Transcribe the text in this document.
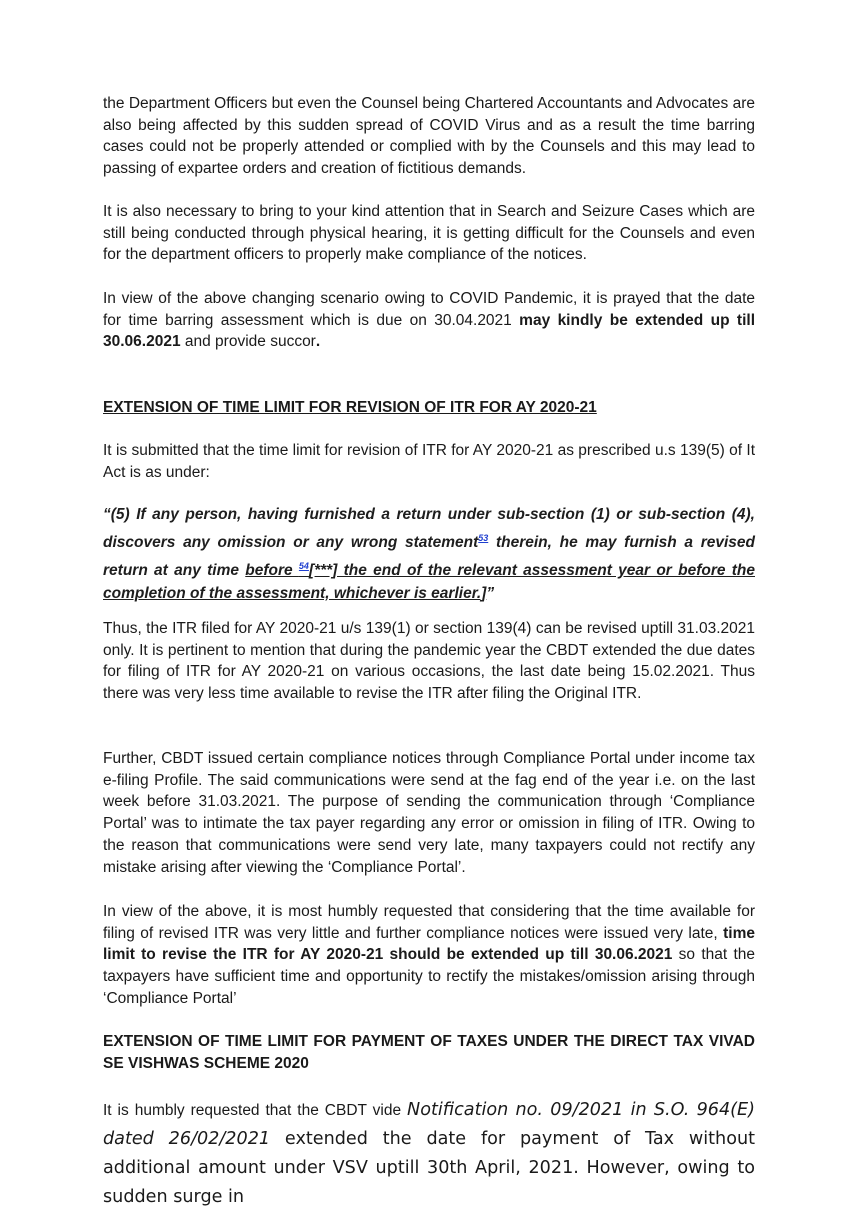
the Department Officers but even the Counsel being Chartered Accountants and Advocates are also being affected by this sudden spread of COVID Virus and as a result the time barring cases could not be properly attended or complied with by the Counsels and this may lead to passing of expartee orders and creation of fictitious demands.

It is also necessary to bring to your kind attention that in Search and Seizure Cases which are still being conducted through physical hearing, it is getting difficult for the Counsels and even for the department officers to properly make compliance of the notices.

In view of the above changing scenario owing to COVID Pandemic, it is prayed that the date for time barring assessment which is due on 30.04.2021 may kindly be extended up till 30.06.2021 and provide succor.

EXTENSION OF TIME LIMIT FOR REVISION OF ITR FOR AY 2020-21

It is submitted that the time limit for revision of ITR for AY 2020-21 as prescribed u.s 139(5) of It Act is as under:

“(5) If any person, having furnished a return under sub-section (1) or sub-section (4), discovers any omission or any wrong statement$^{53}$ therein, he may furnish a revised return at any time before $^{54}$[***] the end of the relevant assessment year or before the completion of the assessment, whichever is earlier.]”

Thus, the ITR filed for AY 2020-21 u/s 139(1) or section 139(4) can be revised uptill 31.03.2021 only. It is pertinent to mention that during the pandemic year the CBDT extended the due dates for filing of ITR for AY 2020-21 on various occasions, the last date being 15.02.2021. Thus there was very less time available to revise the ITR after filing the Original ITR.

Further, CBDT issued certain compliance notices through Compliance Portal under income tax e-filing Profile. The said communications were send at the fag end of the year i.e. on the last week before 31.03.2021. The purpose of sending the communication through ‘Compliance Portal’ was to intimate the tax payer regarding any error or omission in filing of ITR. Owing to the reason that communications were send very late, many taxpayers could not rectify any mistake arising after viewing the ‘Compliance Portal’.

In view of the above, it is most humbly requested that considering that the time available for filing of revised ITR was very little and further compliance notices were issued very late, time limit to revise the ITR for AY 2020-21 should be extended up till 30.06.2021 so that the taxpayers have sufficient time and opportunity to rectify the mistakes/omission arising through ‘Compliance Portal’

EXTENSION OF TIME LIMIT FOR PAYMENT OF TAXES UNDER THE DIRECT TAX VIVAD SE VISHWAS SCHEME 2020

It is humbly requested that the CBDT vide Notification no. 09/2021 in S.O. 964(E) dated 26/02/2021 extended the date for payment of Tax without additional amount under VSV uptill 30th April, 2021. However, owing to sudden surge in
